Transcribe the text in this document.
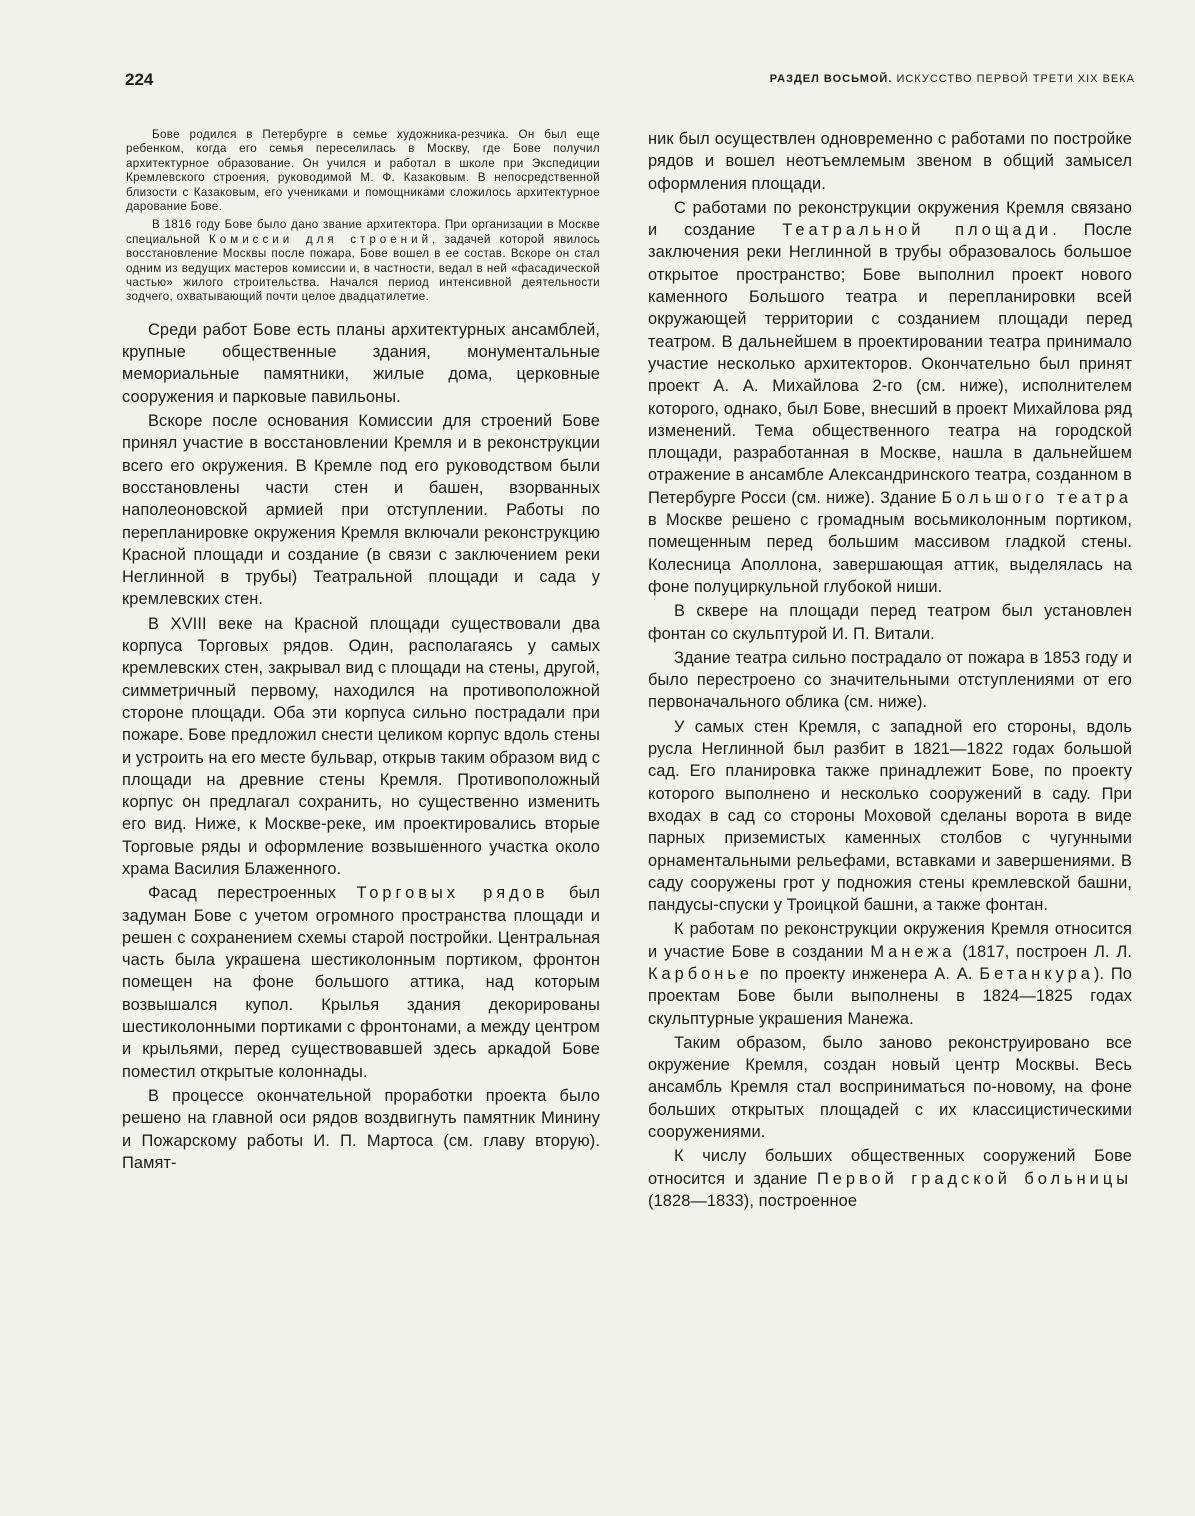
224	РАЗДЕЛ ВОСЬМОЙ. ИСКУССТВО ПЕРВОЙ ТРЕТИ XIX ВЕКА

Бове родился в Петербурге в семье художника-резчика. Он был еще ребенком, когда его семья переселилась в Москву, где Бове получил архитектурное образование. Он учился и работал в школе при Экспедиции Кремлевского строения, руководимой М. Ф. Казаковым. В непосредственной близости с Казаковым, его учениками и помощниками сложилось архитектурное дарование Бове.

В 1816 году Бове было дано звание архитектора. При организации в Москве специальной Комиссии для строений, задачей которой явилось восстановление Москвы после пожара, Бове вошел в ее состав. Вскоре он стал одним из ведущих мастеров комиссии и, в частности, ведал в ней «фасадической частью» жилого строительства. Начался период интенсивной деятельности зодчего, охватывающий почти целое двадцатилетие.

Среди работ Бове есть планы архитектурных ансамблей, крупные общественные здания, монументальные мемориальные памятники, жилые дома, церковные сооружения и парковые павильоны.

Вскоре после основания Комиссии для строений Бове принял участие в восстановлении Кремля и в реконструкции всего его окружения. В Кремле под его руководством были восстановлены части стен и башен, взорванных наполеоновской армией при отступлении. Работы по перепланировке окружения Кремля включали реконструкцию Красной площади и создание (в связи с заключением реки Неглинной в трубы) Театральной площади и сада у кремлевских стен.

В XVIII веке на Красной площади существовали два корпуса Торговых рядов. Один, располагаясь у самых кремлевских стен, закрывал вид с площади на стены, другой, симметричный первому, находился на противоположной стороне площади. Оба эти корпуса сильно пострадали при пожаре. Бове предложил снести целиком корпус вдоль стены и устроить на его месте бульвар, открыв таким образом вид с площади на древние стены Кремля. Противоположный корпус он предлагал сохранить, но существенно изменить его вид. Ниже, к Москве-реке, им проектировались вторые Торговые ряды и оформление возвышенного участка около храма Василия Блаженного.

Фасад перестроенных Торговых рядов был задуман Бове с учетом огромного пространства площади и решен с сохранением схемы старой постройки. Центральная часть была украшена шестиколонным портиком, фронтон помещен на фоне большого аттика, над которым возвышался купол. Крылья здания декорированы шестиколонными портиками с фронтонами, а между центром и крыльями, перед существовавшей здесь аркадой Бове поместил открытые колоннады.

В процессе окончательной проработки проекта было решено на главной оси рядов воздвигнуть памятник Минину и Пожарскому работы И. П. Мартоса (см. главу вторую). Памят-

ник был осуществлен одновременно с работами по постройке рядов и вошел неотъемлемым звеном в общий замысел оформления площади.

С работами по реконструкции окружения Кремля связано и создание Театральной площади. После заключения реки Неглинной в трубы образовалось большое открытое пространство; Бове выполнил проект нового каменного Большого театра и перепланировки всей окружающей территории с созданием площади перед театром. В дальнейшем в проектировании театра принимало участие несколько архитекторов. Окончательно был принят проект А. А. Михайлова 2-го (см. ниже), исполнителем которого, однако, был Бове, внесший в проект Михайлова ряд изменений. Тема общественного театра на городской площади, разработанная в Москве, нашла в дальнейшем отражение в ансамбле Александринского театра, созданном в Петербурге Росси (см. ниже). Здание Большого театра в Москве решено с громадным восьмиколонным портиком, помещенным перед большим массивом гладкой стены. Колесница Аполлона, завершающая аттик, выделялась на фоне полуциркульной глубокой ниши.

В сквере на площади перед театром был установлен фонтан со скульптурой И. П. Витали.

Здание театра сильно пострадало от пожара в 1853 году и было перестроено со значительными отступлениями от его первоначального облика (см. ниже).

У самых стен Кремля, с западной его стороны, вдоль русла Неглинной был разбит в 1821—1822 годах большой сад. Его планировка также принадлежит Бове, по проекту которого выполнено и несколько сооружений в саду. При входах в сад со стороны Моховой сделаны ворота в виде парных приземистых каменных столбов с чугунными орнаментальными рельефами, вставками и завершениями. В саду сооружены грот у подножия стены кремлевской башни, пандусы-спуски у Троицкой башни, а также фонтан.

К работам по реконструкции окружения Кремля относится и участие Бове в создании Манежа (1817, построен Л. Л. Карбонье по проекту инженера А. А. Бетанкура). По проектам Бове были выполнены в 1824—1825 годах скульптурные украшения Манежа.

Таким образом, было заново реконструировано все окружение Кремля, создан новый центр Москвы. Весь ансамбль Кремля стал восприниматься по-новому, на фоне больших открытых площадей с их классицистическими сооружениями.

К числу больших общественных сооружений Бове относится и здание Первой градской больницы (1828—1833), построенное
